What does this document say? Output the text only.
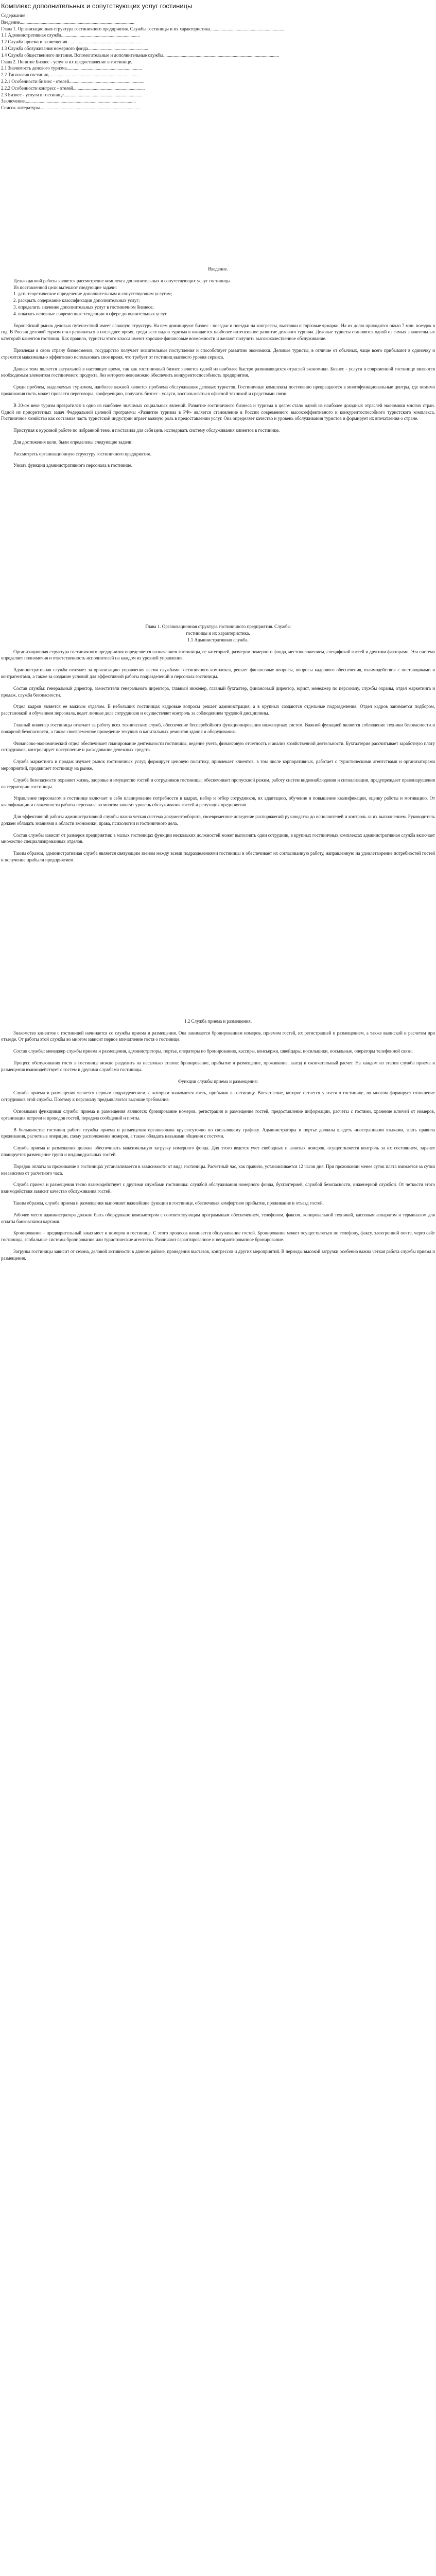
Комплекс дополнительных и сопутствующих услуг гостиницы

Содержание :

Введение...................................................................................................

Глава 1. Организационная структура гостиничного предприятия. Службы гостиницы и их характеристика.................................................................

1.1 Административная служба....................................................................

1.2 Служба приема и размещения.................................................................

1.3 Служба обслуживания номерного фонда....................................................

1.4 Служба общественного питания. Вспомогательные и дополнительные службы....................................................................................................

Глава 2. Понятие Бизнес - услуг и их предоставление в гостинице.

2.1 Значимость делового туризма.................................................................

2.2 Типология гостиниц..............................................................................

2.2.1 Особенности бизнес - отелей.................................................................

2.2.2 Особенности конгресс - отелей..............................................................

2.3 Бизнес - услуги в гостинице....................................................................

Заключение................................................................................................

Список литературы.......................................................................................

Введение.

Целью данной работы является рассмотрение комплекса дополнительных и сопутствующих услуг гостиницы.

Из поставленной цели вытекают следующие задачи:

1. дать теоретическое определение дополнительным и сопутствующим услугам;

2. раскрыть содержание классификации дополнительных услуг;

3. определить значение дополнительных услуг в гостиничном бизнесе;

4. показать основные современные тенденции в сфере дополнительных услуг.

Европейский рынок деловых путешествий имеет сложную структуру. На нем доминируют бизнес - поездки и поездки на конгрессы, выставки и торговые ярмарки. На их долю приходится около 7 млн. поездок в год. В России деловой туризм стал развиваться в последнее время, среди всех видов туризма в ожидается наиболее интенсивное развитие делового туризма. Деловые туристы становятся одной из самых значительных категорий клиентов гостиниц. Как правило, туристы этого класса имеют хорошие финансовые возможности и желают получить высококачественное обслуживание.

Привлекая в свою страну бизнесменов, государство получает значительные поступления и способствует развитию экономики. Деловые туристы, в отличие от обычных, чаще всего прибывают в одиночку и стремятся максимально эффективно использовать свое время, что требует от гостиниц высокого уровня сервиса.

Данная тема является актуальной в настоящее время, так как гостиничный бизнес является одной из наиболее быстро развивающихся отраслей экономики. Бизнес - услуги в современной гостинице являются необходимым элементом гостиничного продукта, без которого невозможно обеспечить конкурентоспособность предприятия.

Среди проблем, выделяемых туризмом, наиболее важной является проблема обслуживания деловых туристов. Гостиничные комплексы постепенно превращаются в многофункциональные центры, где помимо проживания гость может провести переговоры, конференцию, получить бизнес - услуги, воспользоваться офисной техникой и средствами связи.

В 20-ом веке туризм превратился в одно из наиболее значимых социальных явлений. Развитие гостиничного бизнеса и туризма в целом стало одной из наиболее доходных отраслей экономики многих стран. Одной из приоритетных задач Федеральной целевой программы «Развитие туризма в РФ» является становление в России современного высокоэффективного и конкурентоспособного туристского комплекса. Гостиничное хозяйство как составная часть туристской индустрии играет важную роль в предоставлении услуг. Она определяет качество и уровень обслуживания туристов и формирует их впечатления о стране.

Приступая к курсовой работе по избранной теме, я поставила для себя цель исследовать систему обслуживания клиентов в гостинице.

Для достижения цели, были определены следующие задачи:

Рассмотреть организационную структуру гостиничного предприятия.

Узнать функции административного персонала в гостинице.

Глава 1. Организационная структура гостиничного предприятия. Службы

гостиницы и их характеристика.

1.1 Административная служба.

Организационная структура гостиничного предприятия определяется назначением гостиницы, ее категорией, размером номерного фонда, местоположением, спецификой гостей и другими факторами. Эта система определяет полномочия и ответственность исполнителей на каждом из уровней управления.

Административная служба отвечает за организацию управления всеми службами гостиничного комплекса, решает финансовые вопросы, вопросы кадрового обеспечения, взаимодействия с поставщиками и контрагентами, а также за создание условий для эффективной работы подразделений и персонала гостиницы.

Состав службы: генеральный директор, заместители генерального директора, главный инженер, главный бухгалтер, финансовый директор, юрист, менеджер по персоналу, службы охраны, отдел маркетинга и продаж, служба безопасности.

Отдел кадров является ее важным отделом. В небольших гостиницах кадровые вопросы решает администрация, а в крупных создаются отдельные подразделения. Отдел кадров занимается подбором, расстановкой и обучением персонала, ведет личные дела сотрудников и осуществляет контроль за соблюдением трудовой дисциплины.

Главный инженер гостиницы отвечает за работу всех технических служб, обеспечение бесперебойного функционирования инженерных систем. Важной функцией является соблюдение техники безопасности и пожарной безопасности, а также своевременное проведение текущих и капитальных ремонтов здания и оборудования.

Финансово-экономический отдел обеспечивает планирование деятельности гостиницы, ведение учета, финансовую отчетность и анализ хозяйственной деятельности. Бухгалтерия рассчитывает заработную плату сотрудников, контролирует поступление и расходование денежных средств.

Служба маркетинга и продаж изучает рынок гостиничных услуг, формирует ценовую политику, привлекает клиентов, в том числе корпоративных, работает с туристическими агентствами и организаторами мероприятий, продвигает гостиницу на рынке.

Служба безопасности охраняет жизнь, здоровье и имущество гостей и сотрудников гостиницы, обеспечивает пропускной режим, работу систем видеонаблюдения и сигнализации, предупреждает правонарушения на территории гостиницы.

Управление персоналом в гостинице включает в себя планирование потребности в кадрах, набор и отбор сотрудников, их адаптацию, обучение и повышение квалификации, оценку работы и мотивацию. От квалификации и слаженности работы персонала во многом зависит уровень обслуживания гостей и репутация предприятия.

Для эффективной работы административной службы важна четкая система документооборота, своевременное доведение распоряжений руководства до исполнителей и контроль за их выполнением. Руководитель должен обладать знаниями в области экономики, права, психологии и гостиничного дела.

Состав службы зависит от размеров предприятия: в малых гостиницах функции нескольких должностей может выполнять один сотрудник, в крупных гостиничных комплексах административная служба включает множество специализированных отделов.

Таким образом, административная служба является связующим звеном между всеми подразделениями гостиницы и обеспечивает их согласованную работу, направленную на удовлетворение потребностей гостей и получение прибыли предприятием.

1.2 Служба приема и размещения.

Знакомство клиентов с гостиницей начинается со службы приема и размещения. Она занимается бронированием номеров, приемом гостей, их регистрацией и размещением, а также выпиской и расчетом при отъезде. От работы этой службы во многом зависит первое впечатление гостя о гостинице.

Состав службы: менеджер службы приема и размещения, администраторы, портье, операторы по бронированию, кассиры, консьержи, швейцары, носильщики, посыльные, операторы телефонной связи.

Процесс обслуживания гостя в гостинице можно разделить на несколько этапов: бронирование, прибытие и размещение, проживание, выезд и окончательный расчет. На каждом из этапов служба приема и размещения взаимодействует с гостем и другими службами гостиницы.

Функции службы приема и размещения:

Служба приема и размещения является первым подразделением, с которым знакомится гость, прибывая в гостиницу. Впечатление, которое остается у гостя о гостинице, во многом формирует отношение сотрудников этой службы. Поэтому к персоналу предъявляются высокие требования.

Основными функциями службы приема и размещения являются: бронирование номеров, регистрация и размещение гостей, предоставление информации, расчеты с гостями, хранение ключей от номеров, организация встречи и проводов гостей, передача сообщений и почты.

В большинстве гостиниц работа службы приема и размещения организована круглосуточно по скользящему графику. Администраторы и портье должны владеть иностранными языками, знать правила проживания, расчетные операции, схему расположения номеров, а также обладать навыками общения с гостями.

Служба приема и размещения должна обеспечивать максимальную загрузку номерного фонда. Для этого ведется учет свободных и занятых номеров, осуществляется контроль за их состоянием, заранее планируется размещение групп и индивидуальных гостей.

Порядок оплаты за проживание в гостиницах устанавливается в зависимости от вида гостиницы. Расчетный час, как правило, устанавливается 12 часов дня. При проживании менее суток плата взимается за сутки независимо от расчетного часа.

Служба приема и размещения тесно взаимодействует с другими службами гостиницы: службой обслуживания номерного фонда, бухгалтерией, службой безопасности, инженерной службой. От четкости этого взаимодействия зависит качество обслуживания гостей.

Таким образом, служба приема и размещения выполняет важнейшие функции в гостинице, обеспечивая комфортное прибытие, проживание и отъезд гостей.

Рабочее место администратора должно быть оборудовано компьютером с соответствующим программным обеспечением, телефоном, факсом, копировальной техникой, кассовым аппаратом и терминалом для оплаты банковскими картами.

Бронирование – предварительный заказ мест и номеров в гостинице. С этого процесса начинается обслуживание гостей. Бронирование может осуществляться по телефону, факсу, электронной почте, через сайт гостиницы, глобальные системы бронирования или туристические агентства. Различают гарантированное и негарантированное бронирование.

Загрузка гостиницы зависит от сезона, деловой активности в данном районе, проведения выставок, конгрессов и других мероприятий. В периоды высокой загрузки особенно важна четкая работа службы приема и размещения.
